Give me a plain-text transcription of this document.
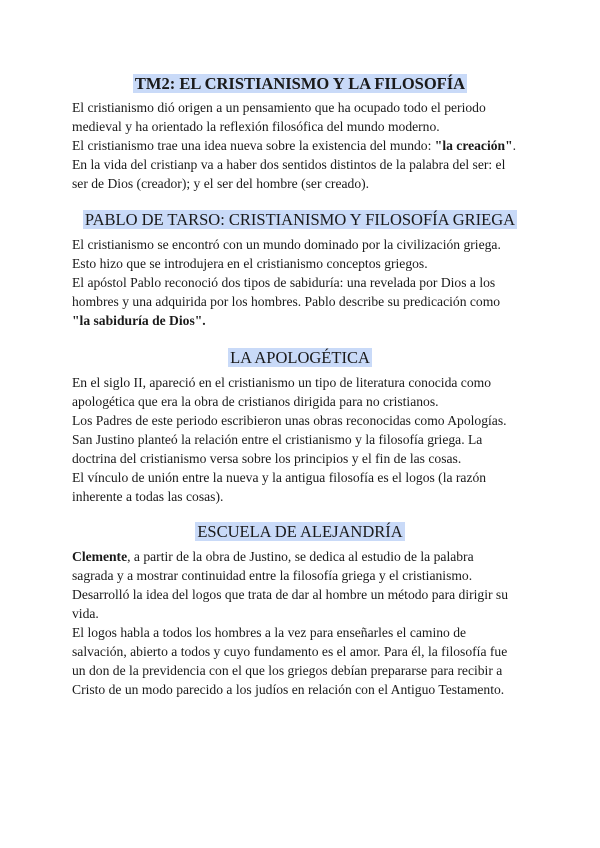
TM2: EL CRISTIANISMO Y LA FILOSOFÍA
El cristianismo dió origen a un pensamiento que ha ocupado todo el periodo
medieval y ha orientado la reflexión filosófica del mundo moderno.
El cristianismo trae una idea nueva sobre la existencia del mundo: "la creación".
En la vida del cristianp va a haber dos sentidos distintos de la palabra del ser: el
ser de Dios (creador); y el ser del hombre (ser creado).
PABLO DE TARSO: CRISTIANISMO Y FILOSOFÍA GRIEGA
El cristianismo se encontró con un mundo dominado por la civilización griega.
Esto hizo que se introdujera en el cristianismo conceptos griegos.
El apóstol Pablo reconoció dos tipos de sabiduría: una revelada por Dios a los
hombres y una adquirida por los hombres. Pablo describe su predicación como
"la sabiduría de Dios".
LA APOLOGÉTICA
En el siglo II, apareció en el cristianismo un tipo de literatura conocida como
apologética que era la obra de cristianos dirigida para no cristianos.
Los Padres de este periodo escribieron unas obras reconocidas como Apologías.
San Justino planteó la relación entre el cristianismo y la filosofía griega. La
doctrina del cristianismo versa sobre los principios y el fin de las cosas.
El vínculo de unión entre la nueva y la antigua filosofía es el logos (la razón
inherente a todas las cosas).
ESCUELA DE ALEJANDRÍA
Clemente, a partir de la obra de Justino, se dedica al estudio de la palabra
sagrada y a mostrar continuidad entre la filosofía griega y el cristianismo.
Desarrolló la idea del logos que trata de dar al hombre un método para dirigir su
vida.
El logos habla a todos los hombres a la vez para enseñarles el camino de
salvación, abierto a todos y cuyo fundamento es el amor. Para él, la filosofía fue
un don de la previdencia con el que los griegos debían prepararse para recibir a
Cristo de un modo parecido a los judíos en relación con el Antiguo Testamento.
